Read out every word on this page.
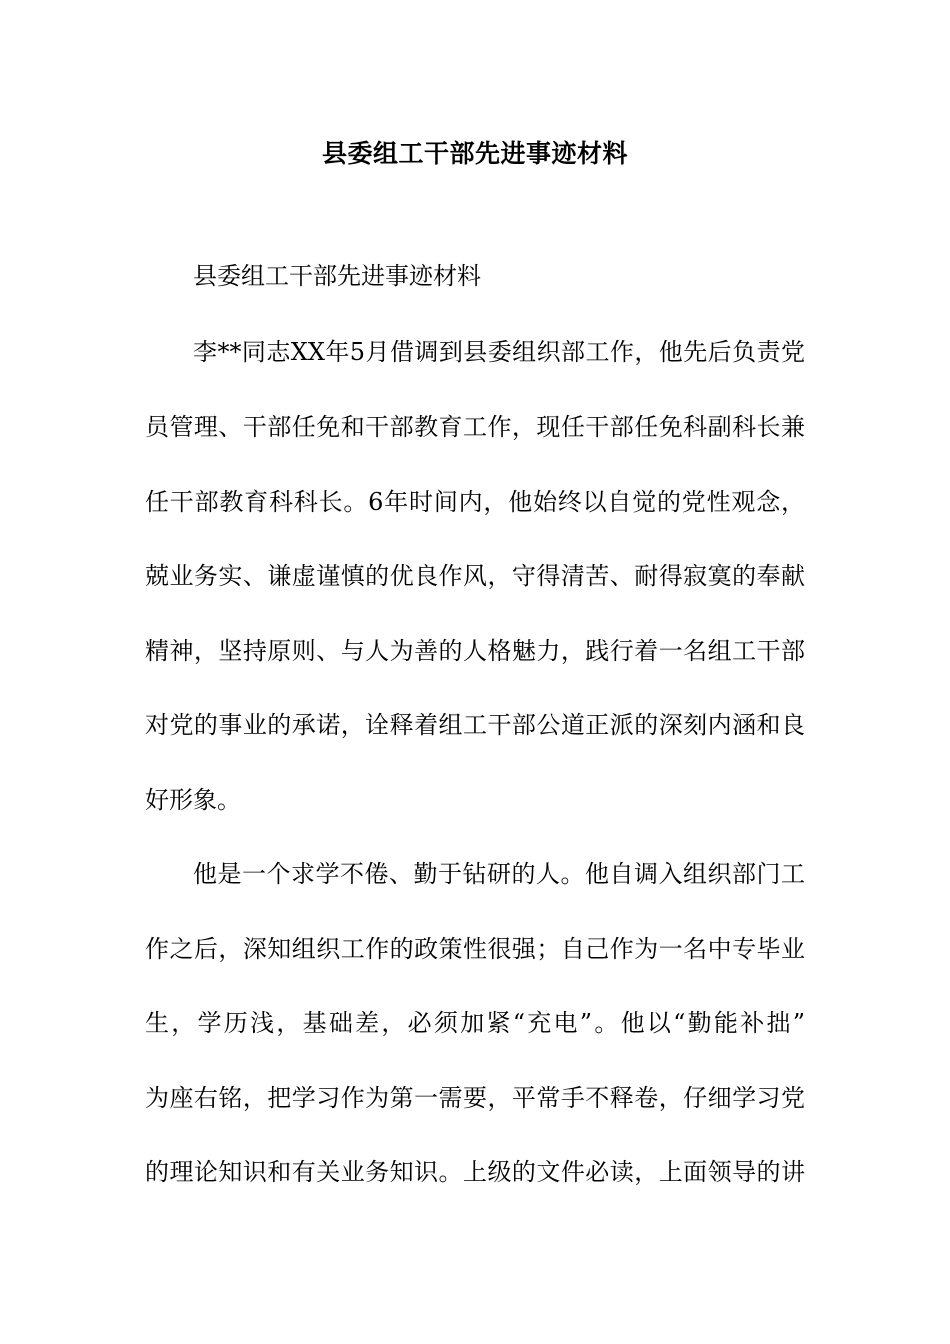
县委组工干部先进事迹材料
县委组工干部先进事迹材料
李**同志XX年5月借调到县委组织部工作，他先后负责党
员管理、干部任免和干部教育工作，现任干部任免科副科长兼
任干部教育科科长。6年时间内，他始终以自觉的党性观念，
兢业务实、谦虚谨慎的优良作风，守得清苦、耐得寂寞的奉献
精神，坚持原则、与人为善的人格魅力，践行着一名组工干部
对党的事业的承诺，诠释着组工干部公道正派的深刻内涵和良
好形象。
他是一个求学不倦、勤于钻研的人。他自调入组织部门工
作之后，深知组织工作的政策性很强；自己作为一名中专毕业
生，学历浅，基础差，必须加紧“充电”。他以“勤能补拙”
为座右铭，把学习作为第一需要，平常手不释卷，仔细学习党
的理论知识和有关业务知识。上级的文件必读，上面领导的讲
